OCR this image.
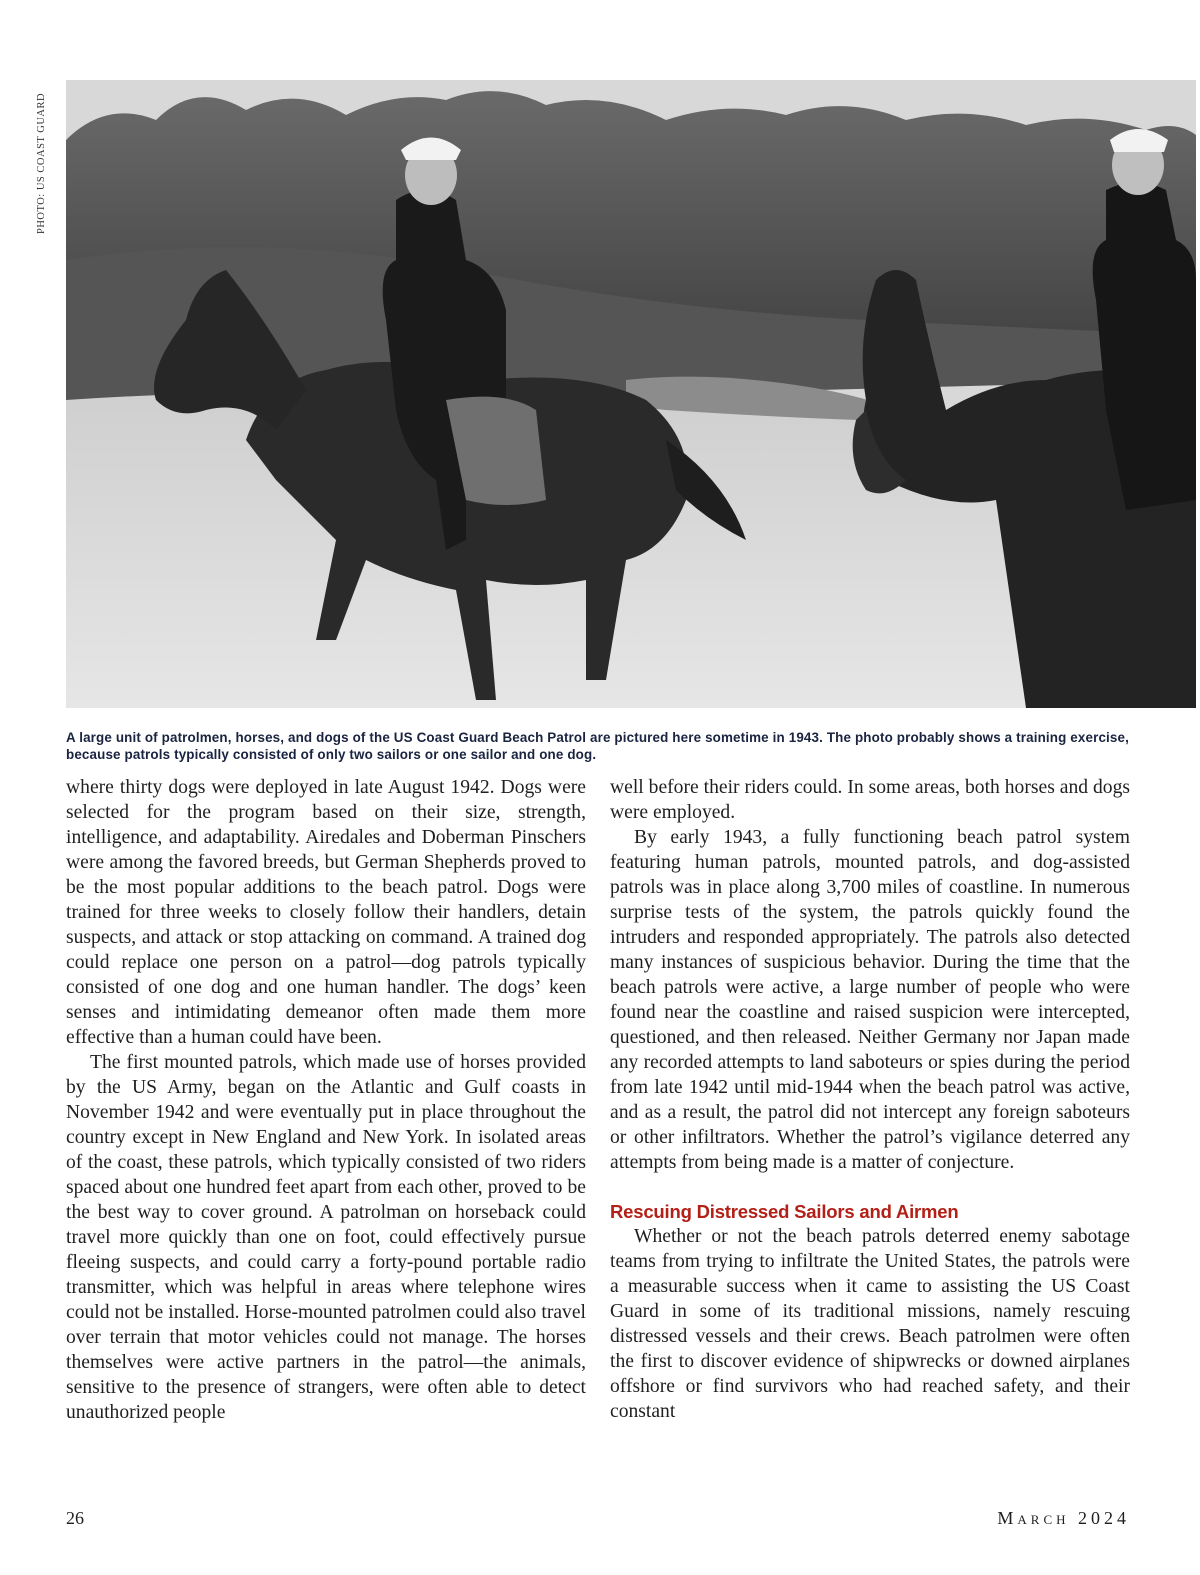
PHOTO: US COAST GUARD
A large unit of patrolmen, horses, and dogs of the US Coast Guard Beach Patrol are pictured here sometime in 1943. The photo probably shows a training exercise, because patrols typically consisted of only two sailors or one sailor and one dog.

where thirty dogs were deployed in late August 1942. Dogs were selected for the program based on their size, strength, intelligence, and adaptability. Airedales and Doberman Pinschers were among the favored breeds, but German Shepherds proved to be the most popular additions to the beach patrol. Dogs were trained for three weeks to closely follow their handlers, detain suspects, and attack or stop attacking on command. A trained dog could replace one person on a patrol—dog patrols typically consisted of one dog and one human handler. The dogs’ keen senses and intimidating demeanor often made them more effective than a human could have been.

The first mounted patrols, which made use of horses provided by the US Army, began on the Atlantic and Gulf coasts in November 1942 and were eventually put in place throughout the country except in New England and New York. In isolated areas of the coast, these patrols, which typically consisted of two riders spaced about one hundred feet apart from each other, proved to be the best way to cover ground. A patrolman on horseback could travel more quickly than one on foot, could effectively pursue fleeing suspects, and could carry a forty-pound portable radio transmitter, which was helpful in areas where telephone wires could not be installed. Horse-mounted patrolmen could also travel over terrain that motor vehicles could not manage. The horses themselves were active partners in the patrol—the animals, sensitive to the presence of strangers, were often able to detect unauthorized people

well before their riders could. In some areas, both horses and dogs were employed.

By early 1943, a fully functioning beach patrol system featuring human patrols, mounted patrols, and dog-assisted patrols was in place along 3,700 miles of coastline. In numerous surprise tests of the system, the patrols quickly found the intruders and responded appropriately. The patrols also detected many instances of suspicious behavior. During the time that the beach patrols were active, a large number of people who were found near the coastline and raised suspicion were intercepted, questioned, and then released. Neither Germany nor Japan made any recorded attempts to land saboteurs or spies during the period from late 1942 until mid-1944 when the beach patrol was active, and as a result, the patrol did not intercept any foreign saboteurs or other infiltrators. Whether the patrol’s vigilance deterred any attempts from being made is a matter of conjecture.

Rescuing Distressed Sailors and Airmen

Whether or not the beach patrols deterred enemy sabotage teams from trying to infiltrate the United States, the patrols were a measurable success when it came to assisting the US Coast Guard in some of its traditional missions, namely rescuing distressed vessels and their crews. Beach patrolmen were often the first to discover evidence of shipwrecks or downed airplanes offshore or find survivors who had reached safety, and their constant

26	March 2024
